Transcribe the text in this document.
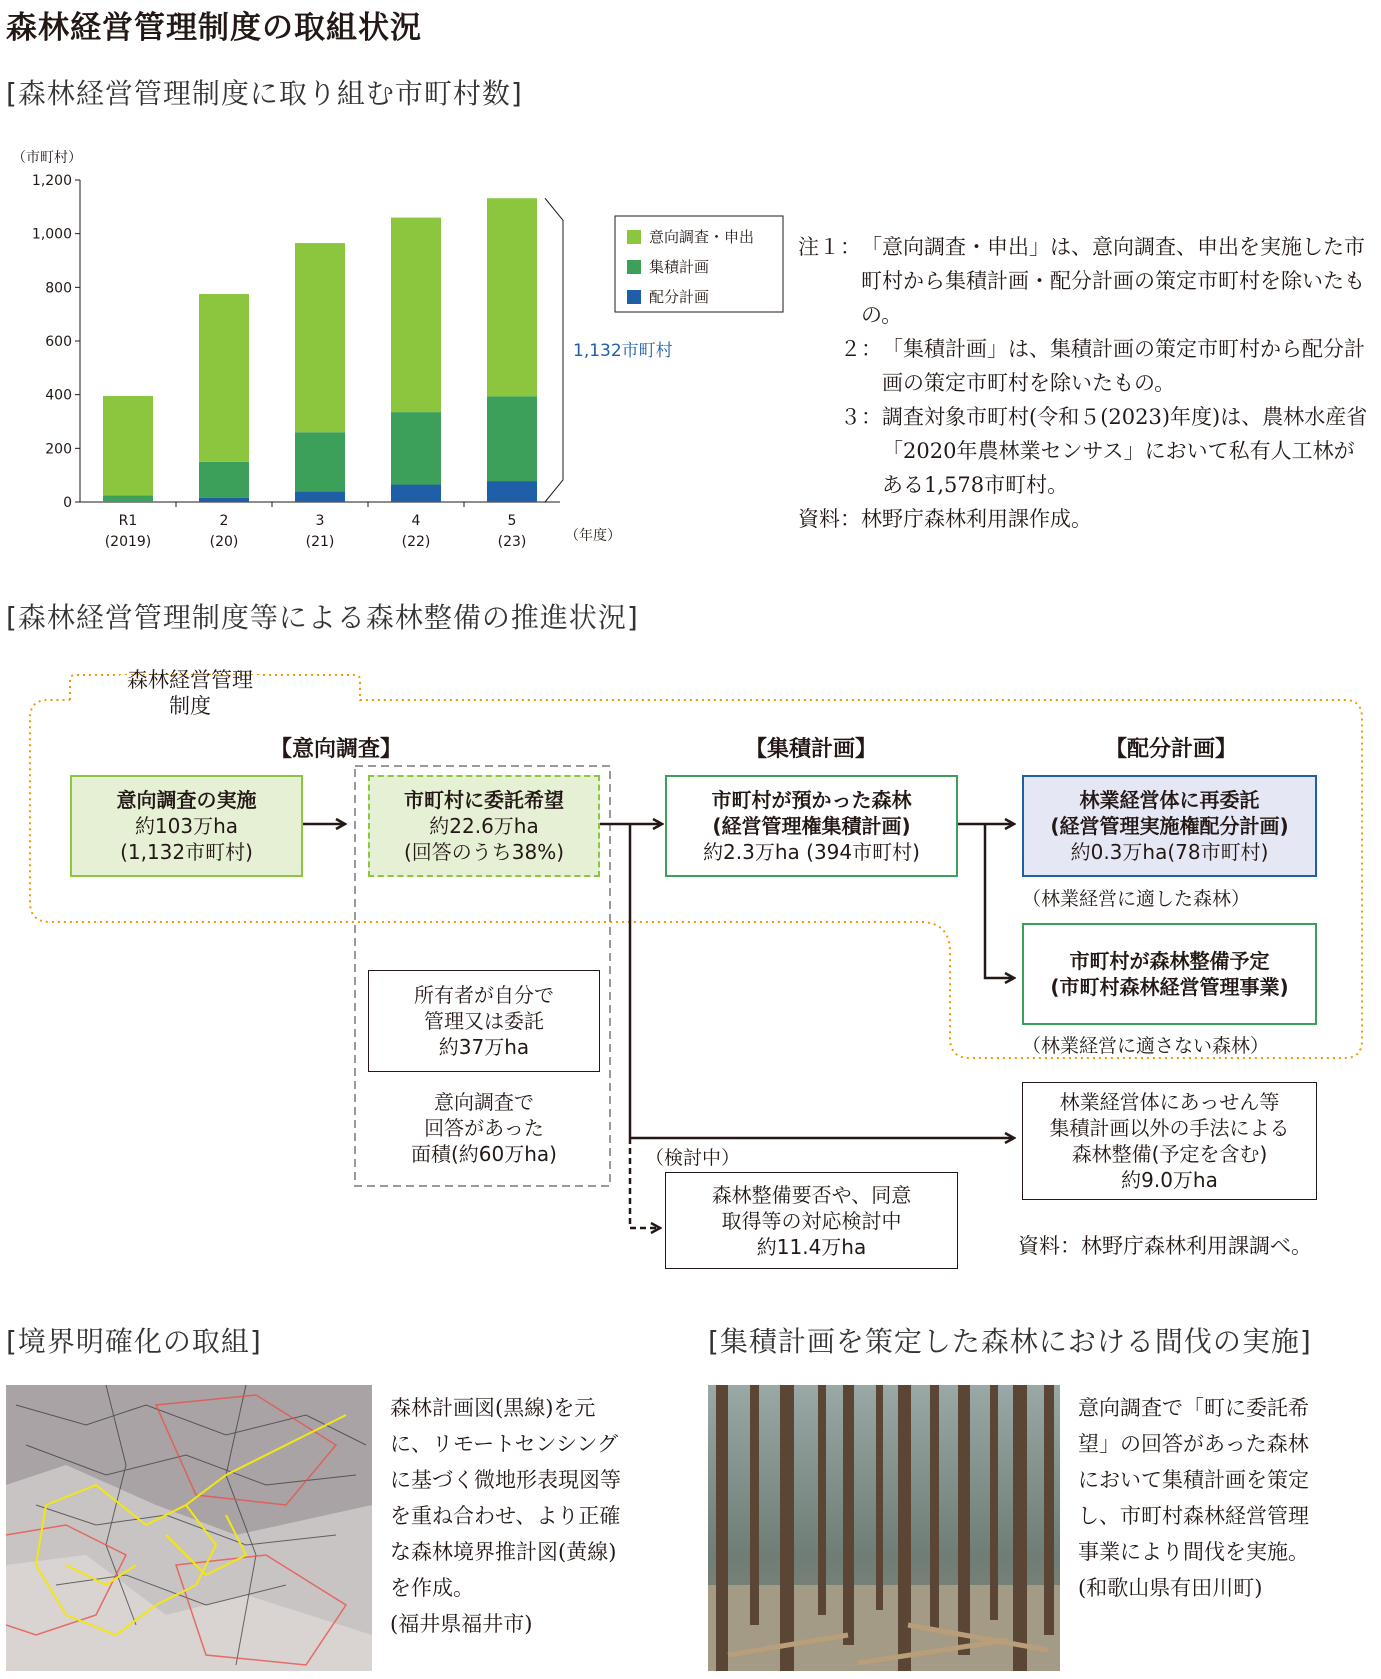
森林経営管理制度の取組状況
[森林経営管理制度に取り組む市町村数]
（市町村）
0
200
400
600
800
1,000
1,200
R1
(2019)
2
(20)
3
(21)
4
(22)
5
(23)	（年度）
1,132市町村
意向調査・申出
集積計画
配分計画
注１： 「意向調査・申出」は、意向調査、申出を実施した市町村から集積計画・配分計画の策定市町村を除いたもの。
　　２： 「集積計画」は、集積計画の策定市町村から配分計画の策定市町村を除いたもの。
　　３： 調査対象市町村(令和５(2023)年度)は、農林水産省「2020年農林業センサス」において私有人工林がある1,578市町村。
資料： 林野庁森林利用課作成。
[森林経営管理制度等による森林整備の推進状況]
森林経営管理制度
【意向調査】	【集積計画】	【配分計画】
意向調査の実施
約103万ha
(1,132市町村)
市町村に委託希望
約22.6万ha
(回答のうち38%)
市町村が預かった森林
(経営管理権集積計画)
約2.3万ha (394市町村)
林業経営体に再委託
(経営管理実施権配分計画)
約0.3万ha(78市町村)
（林業経営に適した森林）
市町村が森林整備予定
(市町村森林経営管理事業)
（林業経営に適さない森林）
所有者が自分で
管理又は委託
約37万ha
意向調査で
回答があった
面積(約60万ha)
林業経営体にあっせん等
集積計画以外の手法による
森林整備(予定を含む)
約9.0万ha
（検討中）
森林整備要否や、同意
取得等の対応検討中
約11.4万ha	資料：林野庁森林利用課調べ。
[境界明確化の取組]
森林計画図(黒線)を元
に、リモートセンシング
に基づく微地形表現図等
を重ね合わせ、より正確
な森林境界推計図(黄線)
を作成。
(福井県福井市)
[集積計画を策定した森林における間伐の実施]
意向調査で「町に委託希
望」の回答があった森林
において集積計画を策定
し、市町村森林経営管理
事業により間伐を実施。
(和歌山県有田川町)
